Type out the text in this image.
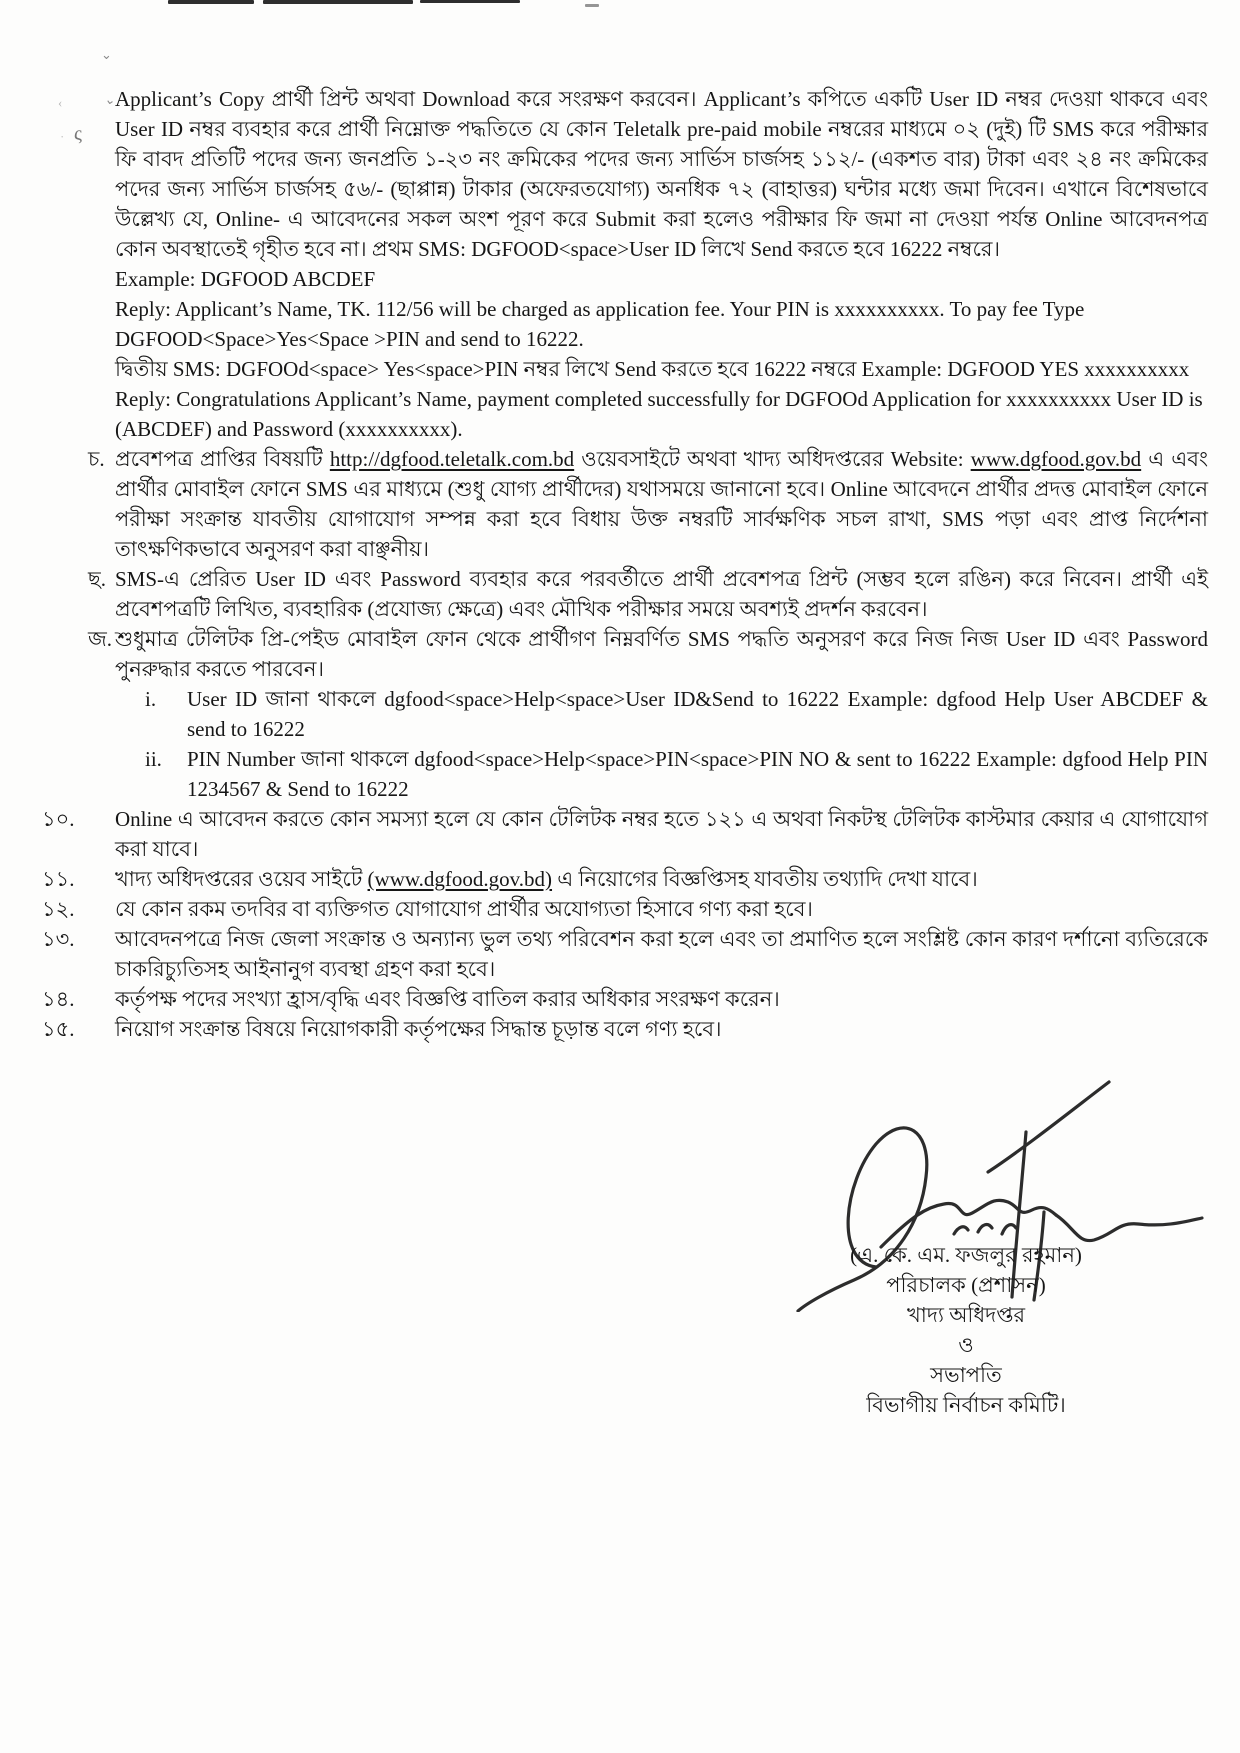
⌄
⌄
‹
ς
·
Applicant’s Copy প্রার্থী প্রিন্ট অথবা Download করে সংরক্ষণ করবেন। Applicant’s কপিতে একটি User ID নম্বর দেওয়া থাকবে এবং User ID নম্বর ব্যবহার করে প্রার্থী নিম্নোক্ত পদ্ধতিতে যে কোন Teletalk pre-paid mobile নম্বরের মাধ্যমে ০২ (দুই) টি SMS করে পরীক্ষার ফি বাবদ প্রতিটি পদের জন্য জনপ্রতি ১-২৩ নং ক্রমিকের পদের জন্য সার্ভিস চার্জসহ ১১২/- (একশত বার) টাকা এবং ২৪ নং ক্রমিকের পদের জন্য সার্ভিস চার্জসহ ৫৬/- (ছাপ্পান্ন) টাকার (অফেরতযোগ্য) অনধিক ৭২ (বাহাত্তর) ঘন্টার মধ্যে জমা দিবেন। এখানে বিশেষভাবে উল্লেখ্য যে, Online- এ আবেদনের সকল অংশ পূরণ করে Submit করা হলেও পরীক্ষার ফি জমা না দেওয়া পর্যন্ত Online আবেদনপত্র কোন অবস্থাতেই গৃহীত হবে না। প্রথম SMS: DGFOOD<space>User ID লিখে Send করতে হবে 16222 নম্বরে।
Example: DGFOOD ABCDEF
Reply: Applicant’s Name, TK. 112/56 will be charged as application fee. Your PIN is xxxxxxxxxx. To pay fee Type DGFOOD<Space>Yes<Space >PIN and send to 16222.
দ্বিতীয় SMS: DGFOOd<space> Yes<space>PIN নম্বর লিখে Send করতে হবে 16222 নম্বরে Example: DGFOOD YES xxxxxxxxxx
Reply: Congratulations Applicant’s Name, payment completed successfully for DGFOOd Application for xxxxxxxxxx User ID is (ABCDEF) and Password (xxxxxxxxxx).
চ. প্রবেশপত্র প্রাপ্তির বিষয়টি http://dgfood.teletalk.com.bd ওয়েবসাইটে অথবা খাদ্য অধিদপ্তরের Website: www.dgfood.gov.bd এ এবং প্রার্থীর মোবাইল ফোনে SMS এর মাধ্যমে (শুধু যোগ্য প্রার্থীদের) যথাসময়ে জানানো হবে। Online আবেদনে প্রার্থীর প্রদত্ত মোবাইল ফোনে পরীক্ষা সংক্রান্ত যাবতীয় যোগাযোগ সম্পন্ন করা হবে বিধায় উক্ত নম্বরটি সার্বক্ষণিক সচল রাখা, SMS পড়া এবং প্রাপ্ত নির্দেশনা তাৎক্ষণিকভাবে অনুসরণ করা বাঞ্ছনীয়।
ছ. SMS-এ প্রেরিত User ID এবং Password ব্যবহার করে পরবর্তীতে প্রার্থী প্রবেশপত্র প্রিন্ট (সম্ভব হলে রঙিন) করে নিবেন। প্রার্থী এই প্রবেশপত্রটি লিখিত, ব্যবহারিক (প্রযোজ্য ক্ষেত্রে) এবং মৌখিক পরীক্ষার সময়ে অবশ্যই প্রদর্শন করবেন।
জ. শুধুমাত্র টেলিটক প্রি-পেইড মোবাইল ফোন থেকে প্রার্থীগণ নিম্নবর্ণিত SMS পদ্ধতি অনুসরণ করে নিজ নিজ User ID এবং Password পুনরুদ্ধার করতে পারবেন।
i.	User ID জানা থাকলে dgfood<space>Help<space>User ID&Send to 16222 Example: dgfood Help User ABCDEF & send to 16222
ii.	PIN Number জানা থাকলে dgfood<space>Help<space>PIN<space>PIN NO & sent to 16222 Example: dgfood Help PIN 1234567 & Send to 16222
১০.	Online এ আবেদন করতে কোন সমস্যা হলে যে কোন টেলিটক নম্বর হতে ১২১ এ অথবা নিকটস্থ টেলিটক কাস্টমার কেয়ার এ যোগাযোগ করা যাবে।
১১.	খাদ্য অধিদপ্তরের ওয়েব সাইটে (www.dgfood.gov.bd) এ নিয়োগের বিজ্ঞপ্তিসহ যাবতীয় তথ্যাদি দেখা যাবে।
১২.	যে কোন রকম তদবির বা ব্যক্তিগত যোগাযোগ প্রার্থীর অযোগ্যতা হিসাবে গণ্য করা হবে।
১৩.	আবেদনপত্রে নিজ জেলা সংক্রান্ত ও অন্যান্য ভুল তথ্য পরিবেশন করা হলে এবং তা প্রমাণিত হলে সংশ্লিষ্ট কোন কারণ দর্শানো ব্যতিরেকে চাকরিচ্যুতিসহ আইনানুগ ব্যবস্থা গ্রহণ করা হবে।
১৪.	কর্তৃপক্ষ পদের সংখ্যা হ্রাস/বৃদ্ধি এবং বিজ্ঞপ্তি বাতিল করার অধিকার সংরক্ষণ করেন।
১৫.	নিয়োগ সংক্রান্ত বিষয়ে নিয়োগকারী কর্তৃপক্ষের সিদ্ধান্ত চূড়ান্ত বলে গণ্য হবে।
(এ. কে. এম. ফজলুর রহমান)
পরিচালক (প্রশাসন)
খাদ্য অধিদপ্তর
ও
সভাপতি
বিভাগীয় নির্বাচন কমিটি।
